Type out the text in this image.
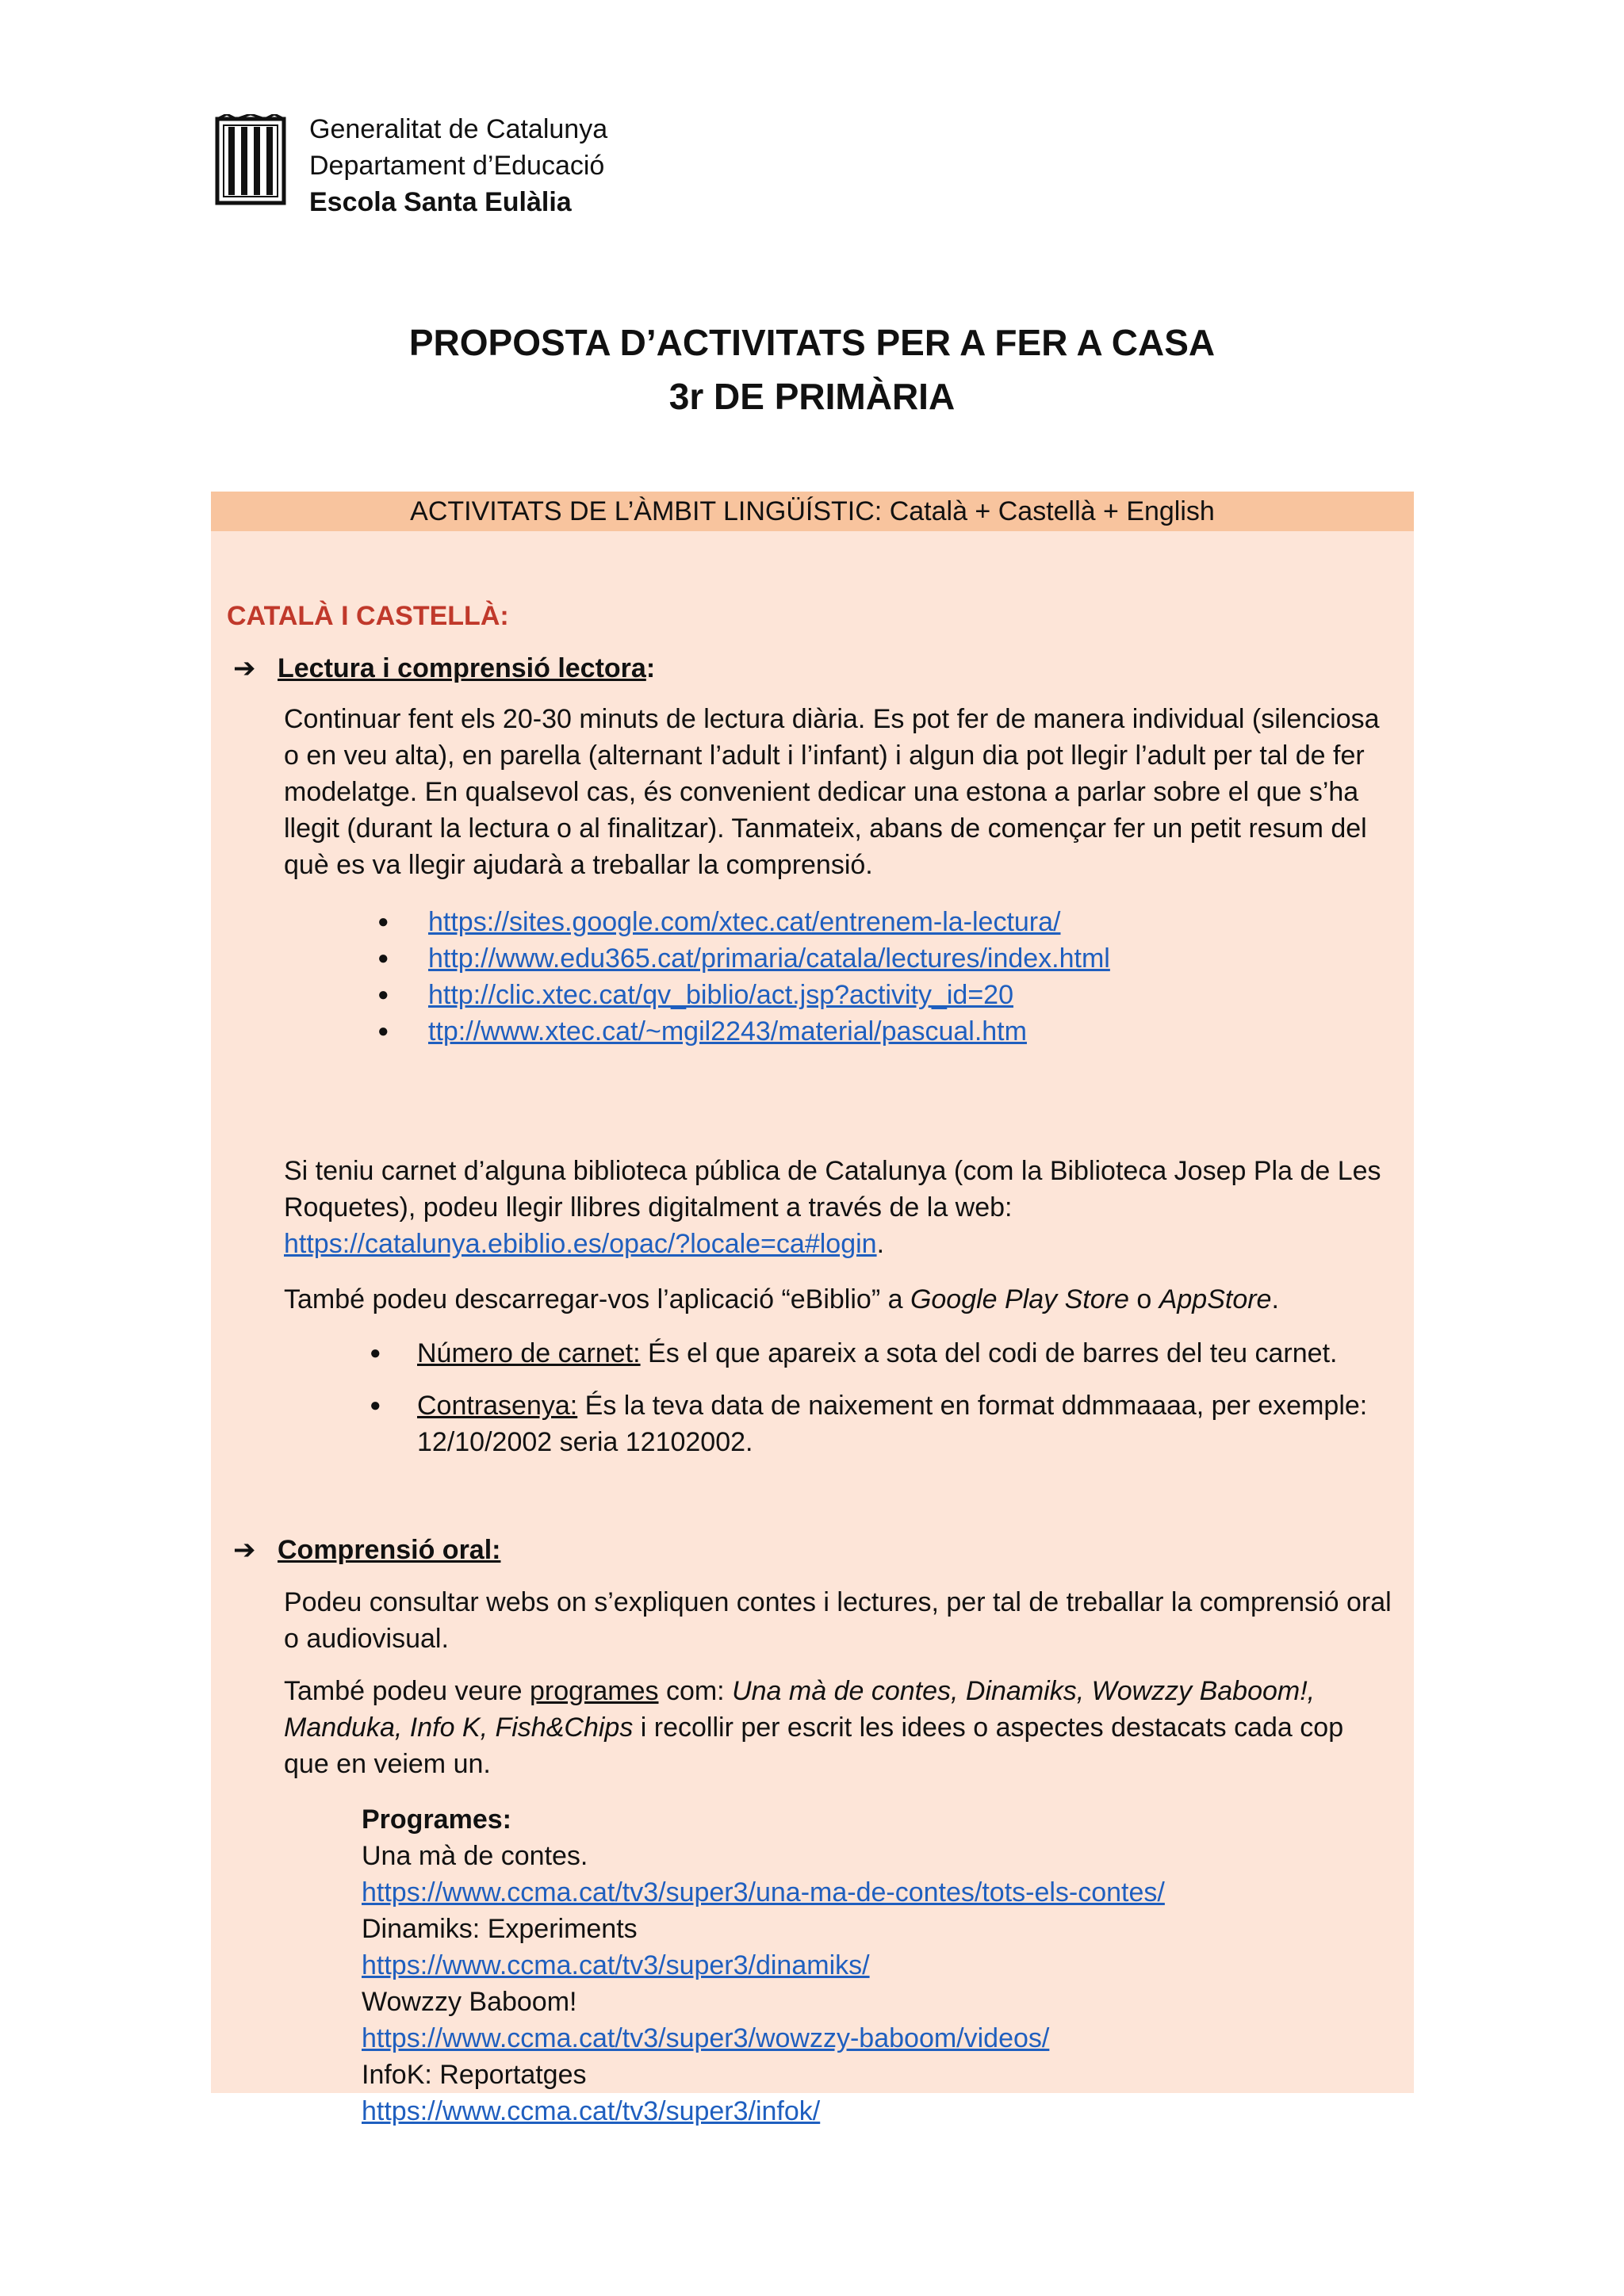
Generalitat de Catalunya
Departament d’Educació
Escola Santa Eulàlia
PROPOSTA D’ACTIVITATS PER A FER A CASA
3r DE PRIMÀRIA
ACTIVITATS DE L’ÀMBIT LINGÜÍSTIC: Català + Castellà + English
CATALÀ I CASTELLÀ:
➔ Lectura i comprensió lectora:

Continuar fent els 20-30 minuts de lectura diària. Es pot fer de manera individual (silenciosa o en veu alta), en parella (alternant l’adult i l’infant) i algun dia pot llegir l’adult per tal de fer modelatge. En qualsevol cas, és convenient dedicar una estona a parlar sobre el que s’ha llegit (durant la lectura o al finalitzar). Tanmateix, abans de començar fer un petit resum del què es va llegir ajudarà a treballar la comprensió.

● https://sites.google.com/xtec.cat/entrenem-la-lectura/
● http://www.edu365.cat/primaria/catala/lectures/index.html
● http://clic.xtec.cat/qv_biblio/act.jsp?activity_id=20
● ttp://www.xtec.cat/~mgil2243/material/pascual.htm

Si teniu carnet d’alguna biblioteca pública de Catalunya (com la Biblioteca Josep Pla de Les Roquetes), podeu llegir llibres digitalment a través de la web: https://catalunya.ebiblio.es/opac/?locale=ca#login.

També podeu descarregar-vos l’aplicació “eBiblio” a Google Play Store o AppStore.

● Número de carnet: És el que apareix a sota del codi de barres del teu carnet.
● Contrasenya: És la teva data de naixement en format ddmmaaaa, per exemple: 12/10/2002 seria 12102002.
➔ Comprensió oral:

Podeu consultar webs on s’expliquen contes i lectures, per tal de treballar la comprensió oral o audiovisual.

També podeu veure programes com: Una mà de contes, Dinamiks, Wowzzy Baboom!, Manduka, Info K, Fish&Chips i recollir per escrit les idees o aspectes destacats cada cop que en veiem un.

Programes:
Una mà de contes.
https://www.ccma.cat/tv3/super3/una-ma-de-contes/tots-els-contes/
Dinamiks: Experiments
https://www.ccma.cat/tv3/super3/dinamiks/
Wowzzy Baboom!
https://www.ccma.cat/tv3/super3/wowzzy-baboom/videos/
InfoK: Reportatges
https://www.ccma.cat/tv3/super3/infok/
